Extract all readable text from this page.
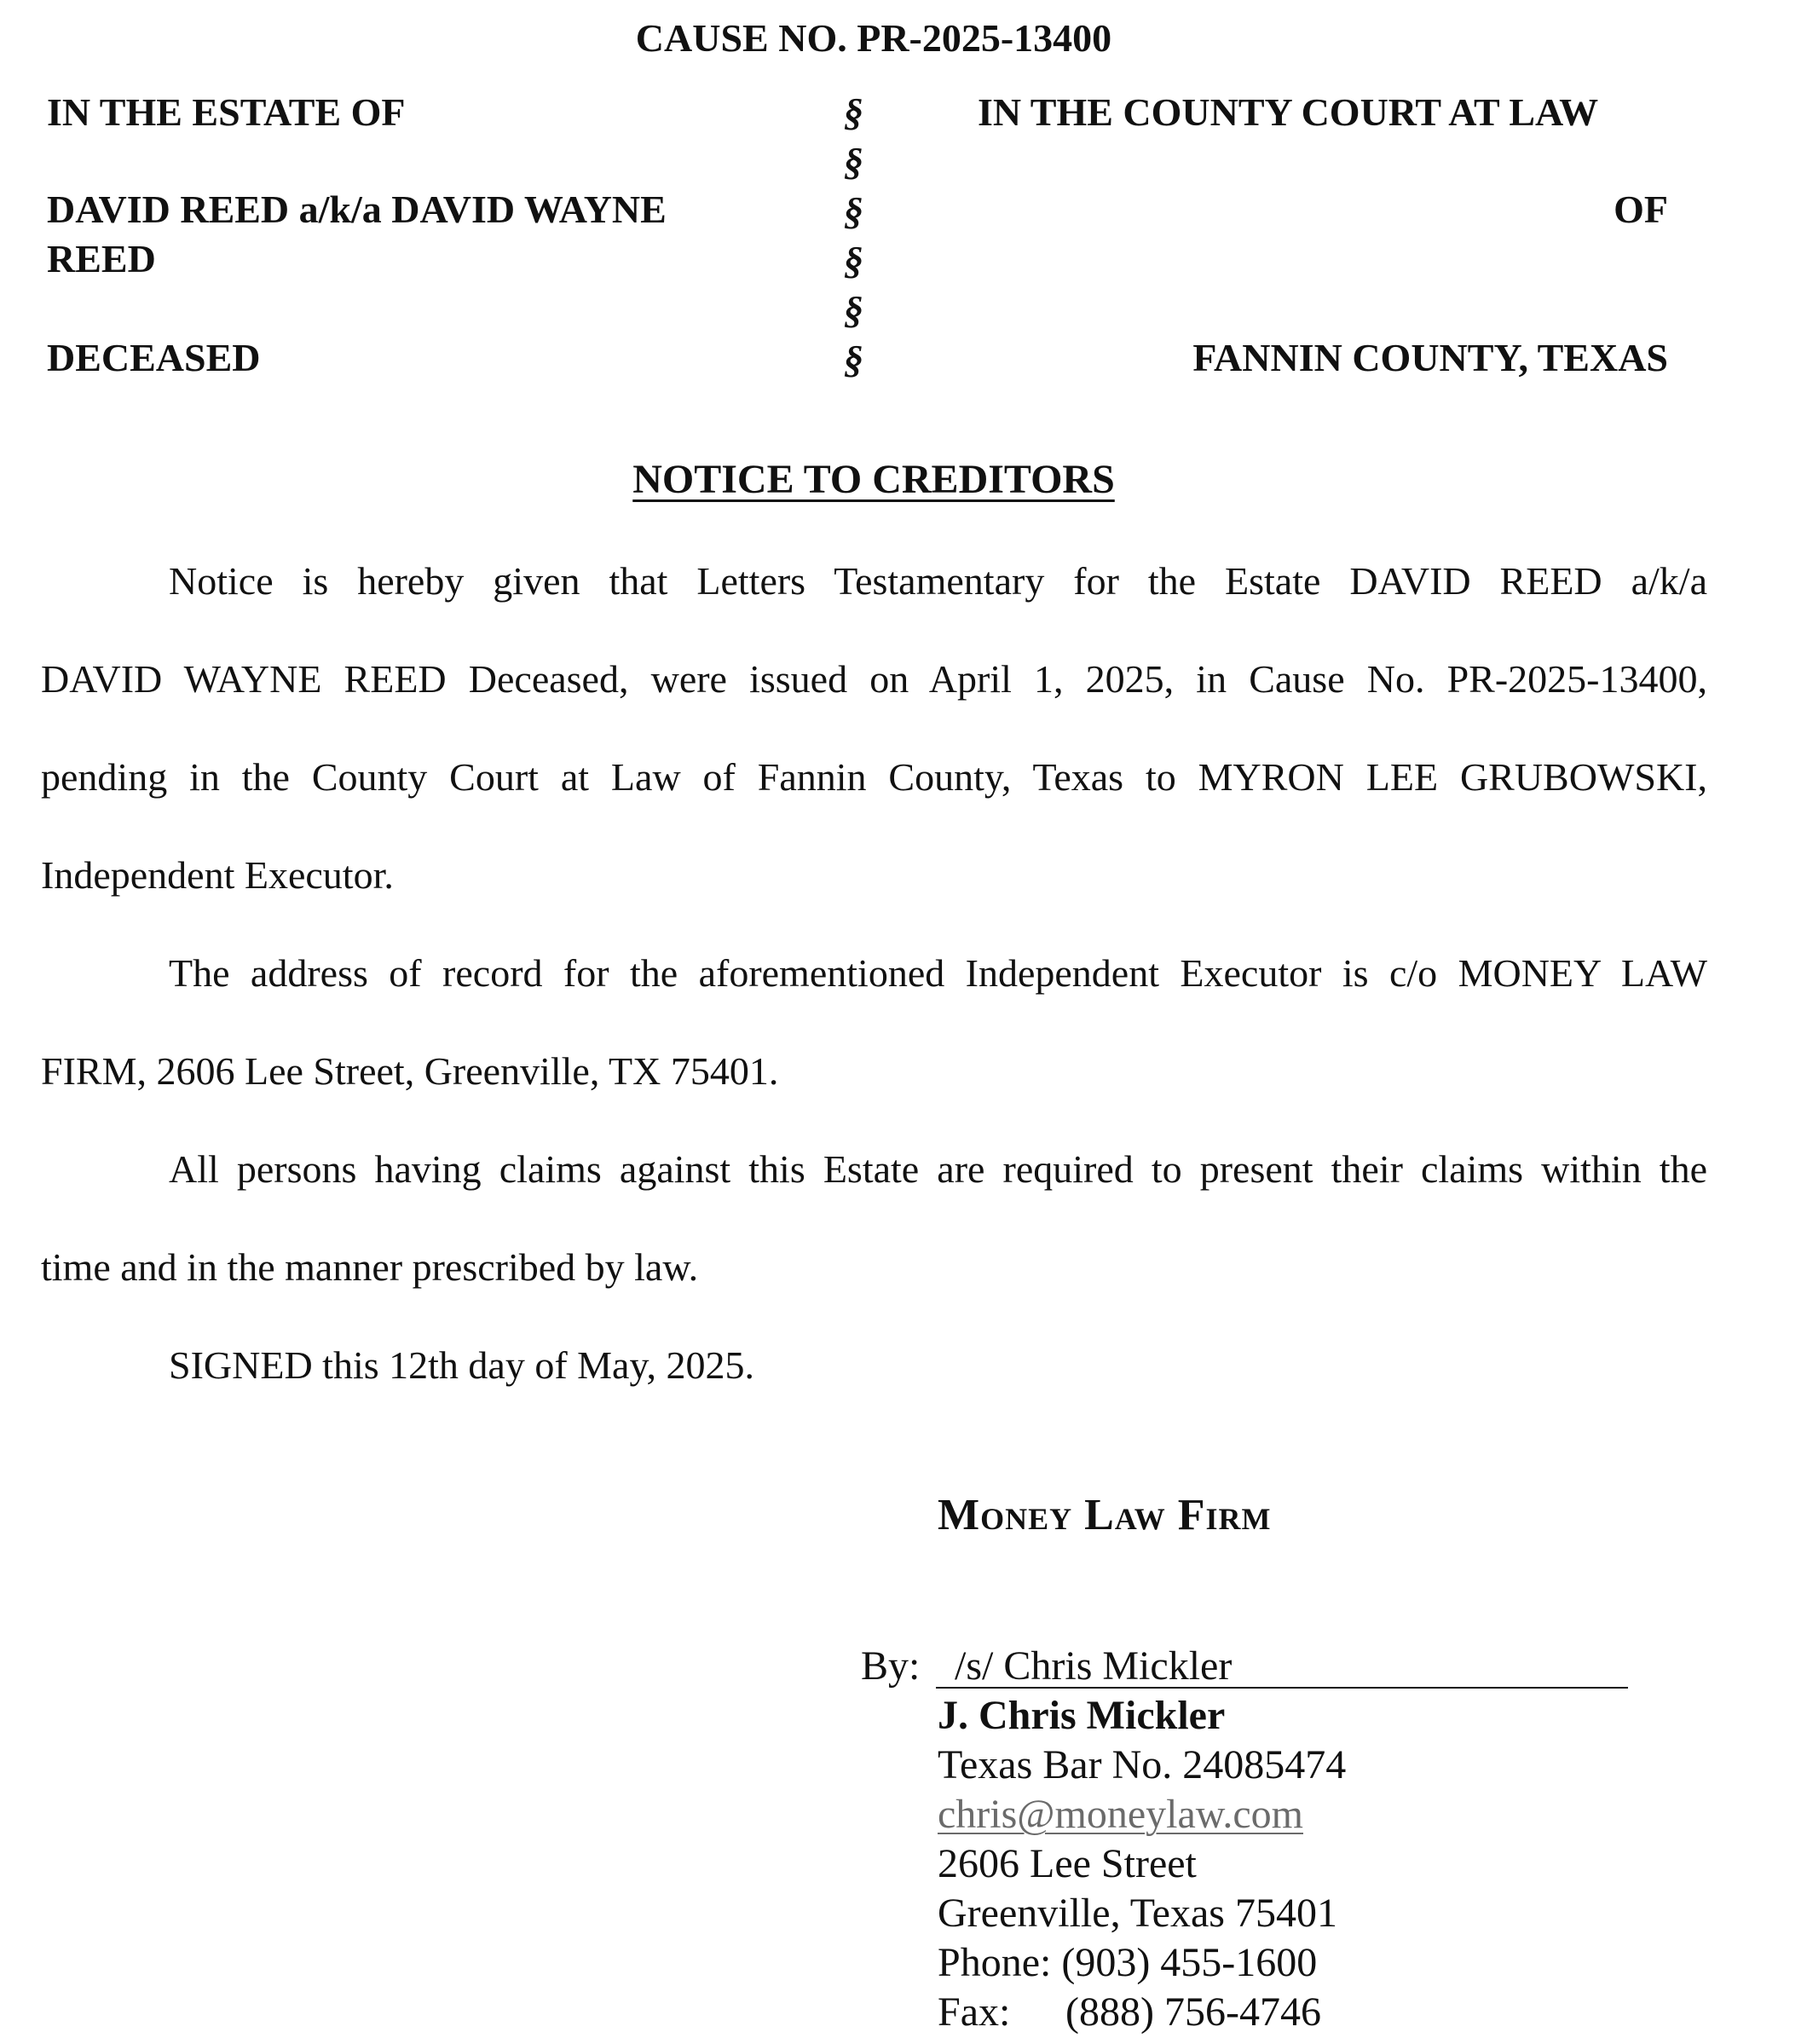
CAUSE NO. PR-2025-13400
IN THE ESTATE OF
DAVID REED a/k/a DAVID WAYNE
REED
DECEASED
§
§
§
§
§
§
IN THE COUNTY COURT AT LAW
OF
FANNIN COUNTY, TEXAS
NOTICE TO CREDITORS
Notice is hereby given that Letters Testamentary for the Estate DAVID REED a/k/a
DAVID WAYNE REED Deceased, were issued on April 1, 2025, in Cause No. PR-2025-13400,
pending in the County Court at Law of Fannin County, Texas to MYRON LEE GRUBOWSKI,
Independent Executor.
The address of record for the aforementioned Independent Executor is c/o MONEY LAW
FIRM, 2606 Lee Street, Greenville, TX 75401.
All persons having claims against this Estate are required to present their claims within the
time and in the manner prescribed by law.
SIGNED this 12th day of May, 2025.
Money Law Firm
By: /s/ Chris Mickler
J. Chris Mickler
Texas Bar No. 24085474
chris@moneylaw.com
2606 Lee Street
Greenville, Texas 75401
Phone: (903) 455-1600
Fax: (888) 756-4746
